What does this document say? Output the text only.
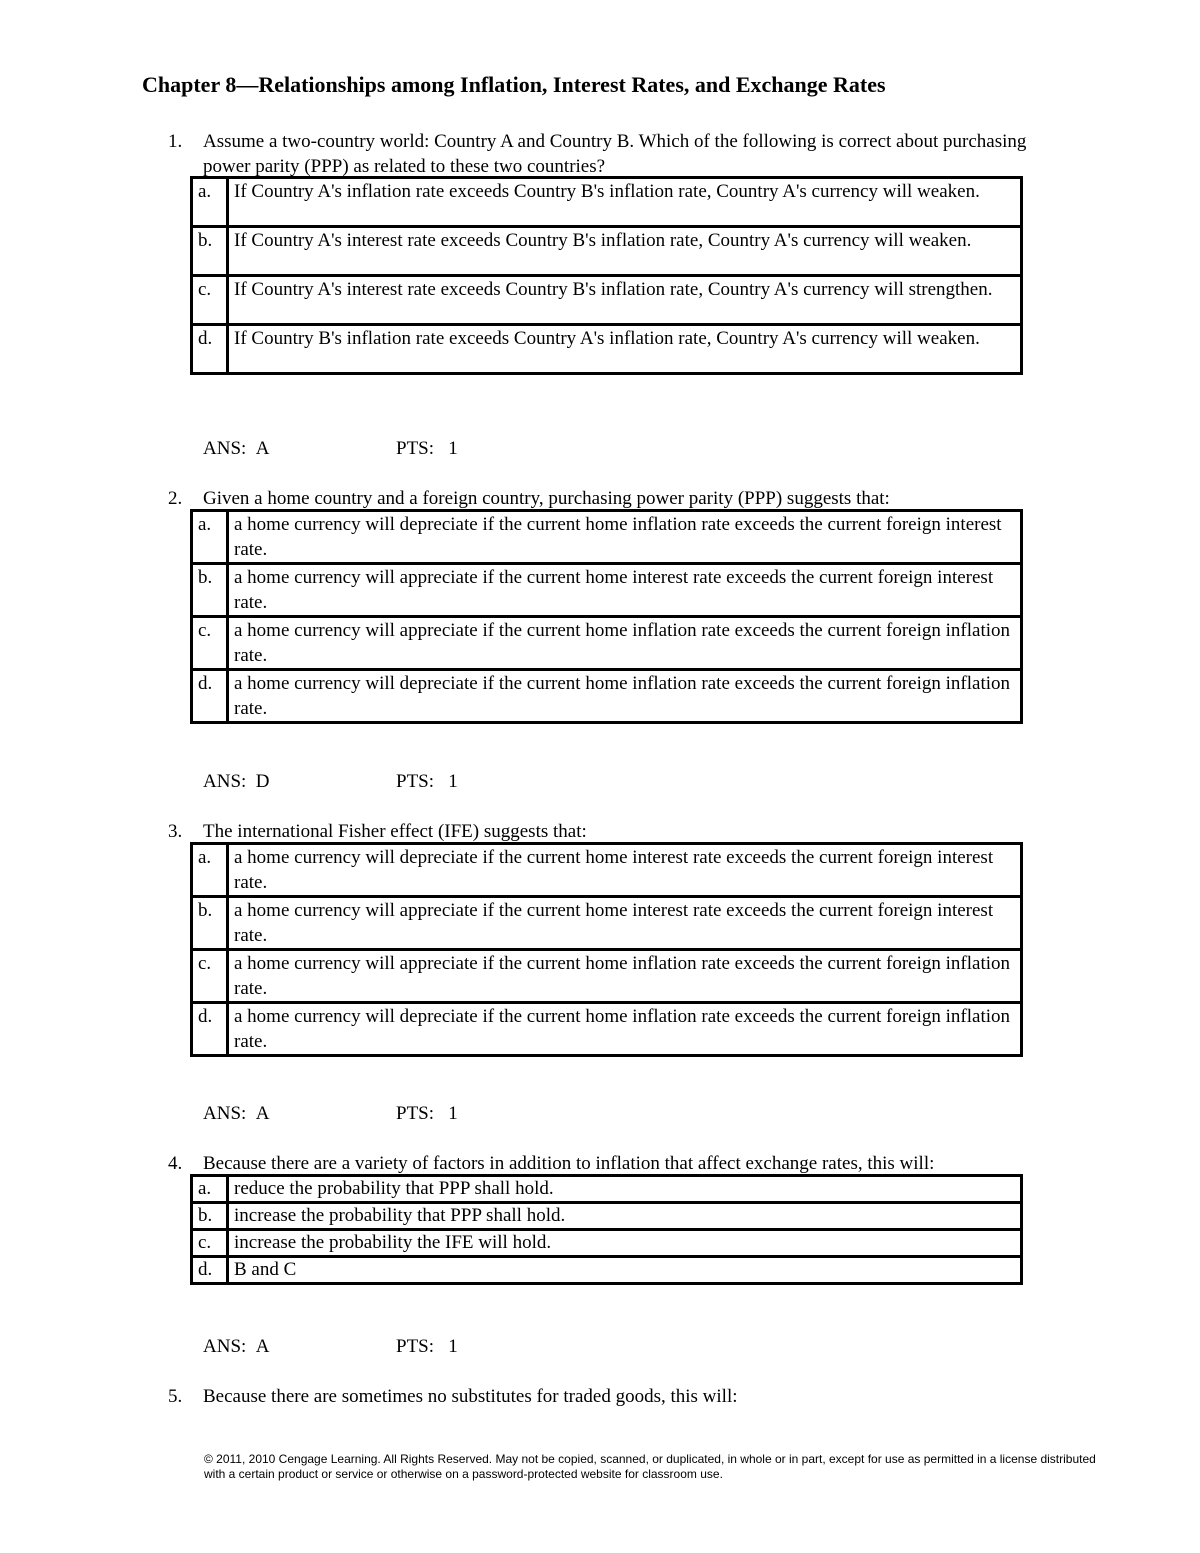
Chapter 8—Relationships among Inflation, Interest Rates, and Exchange Rates
1. Assume a two-country world: Country A and Country B. Which of the following is correct about purchasing power parity (PPP) as related to these two countries?
a.	If Country A's inflation rate exceeds Country B's inflation rate, Country A's currency will weaken.
b.	If Country A's interest rate exceeds Country B's inflation rate, Country A's currency will weaken.
c.	If Country A's interest rate exceeds Country B's inflation rate, Country A's currency will strengthen.
d.	If Country B's inflation rate exceeds Country A's inflation rate, Country A's currency will weaken.
ANS: A	PTS: 1
2. Given a home country and a foreign country, purchasing power parity (PPP) suggests that:
a.	a home currency will depreciate if the current home inflation rate exceeds the current foreign interest rate.
b.	a home currency will appreciate if the current home interest rate exceeds the current foreign interest rate.
c.	a home currency will appreciate if the current home inflation rate exceeds the current foreign inflation rate.
d.	a home currency will depreciate if the current home inflation rate exceeds the current foreign inflation rate.
ANS: D	PTS: 1
3. The international Fisher effect (IFE) suggests that:
a.	a home currency will depreciate if the current home interest rate exceeds the current foreign interest rate.
b.	a home currency will appreciate if the current home interest rate exceeds the current foreign interest rate.
c.	a home currency will appreciate if the current home inflation rate exceeds the current foreign inflation rate.
d.	a home currency will depreciate if the current home inflation rate exceeds the current foreign inflation rate.
ANS: A	PTS: 1
4. Because there are a variety of factors in addition to inflation that affect exchange rates, this will:
a.	reduce the probability that PPP shall hold.
b.	increase the probability that PPP shall hold.
c.	increase the probability the IFE will hold.
d.	B and C
ANS: A	PTS: 1
5. Because there are sometimes no substitutes for traded goods, this will:
© 2011, 2010 Cengage Learning. All Rights Reserved. May not be copied, scanned, or duplicated, in whole or in part, except for use as permitted in a license distributed with a certain product or service or otherwise on a password-protected website for classroom use.
